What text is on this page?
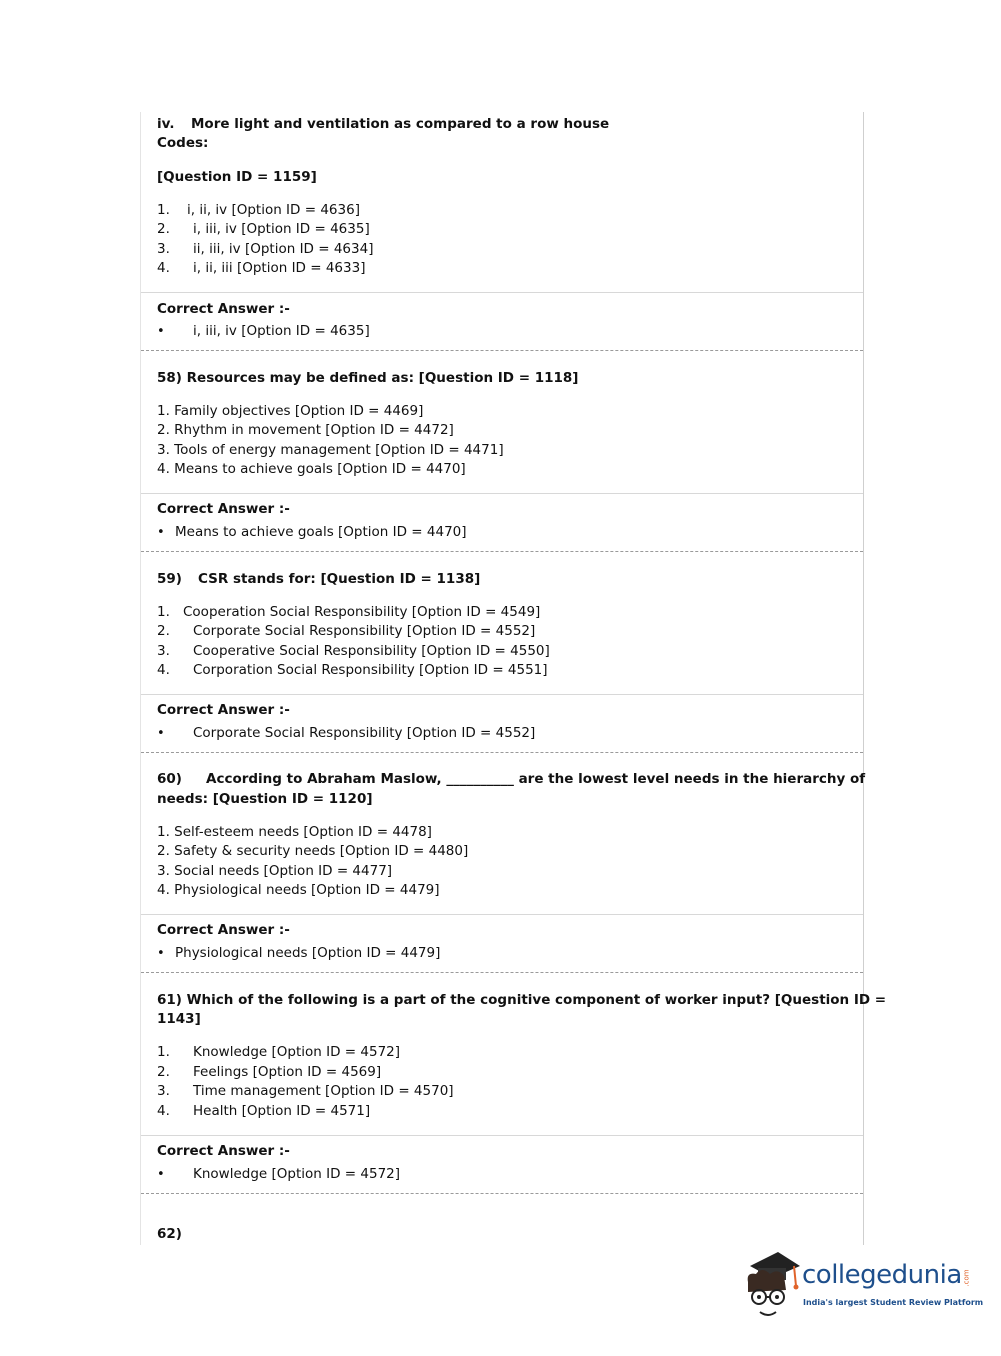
iv. More light and ventilation as compared to a row house
Codes:
[Question ID = 1159]
1. i, ii, iv [Option ID = 4636]
2. i, iii, iv [Option ID = 4635]
3. ii, iii, iv [Option ID = 4634]
4. i, ii, iii [Option ID = 4633]
Correct Answer :-
• i, iii, iv [Option ID = 4635]
58) Resources may be defined as: [Question ID = 1118]
1. Family objectives [Option ID = 4469]
2. Rhythm in movement [Option ID = 4472]
3. Tools of energy management [Option ID = 4471]
4. Means to achieve goals [Option ID = 4470]
Correct Answer :-
• Means to achieve goals [Option ID = 4470]
59) CSR stands for: [Question ID = 1138]
1. Cooperation Social Responsibility [Option ID = 4549]
2. Corporate Social Responsibility [Option ID = 4552]
3. Cooperative Social Responsibility [Option ID = 4550]
4. Corporation Social Responsibility [Option ID = 4551]
Correct Answer :-
• Corporate Social Responsibility [Option ID = 4552]
60) According to Abraham Maslow, __________ are the lowest level needs in the hierarchy of
needs: [Question ID = 1120]
1. Self-esteem needs [Option ID = 4478]
2. Safety & security needs [Option ID = 4480]
3. Social needs [Option ID = 4477]
4. Physiological needs [Option ID = 4479]
Correct Answer :-
• Physiological needs [Option ID = 4479]
61) Which of the following is a part of the cognitive component of worker input? [Question ID =
1143]
1. Knowledge [Option ID = 4572]
2. Feelings [Option ID = 4569]
3. Time management [Option ID = 4570]
4. Health [Option ID = 4571]
Correct Answer :-
• Knowledge [Option ID = 4572]
62)
collegedunia .com
India's largest Student Review Platform
